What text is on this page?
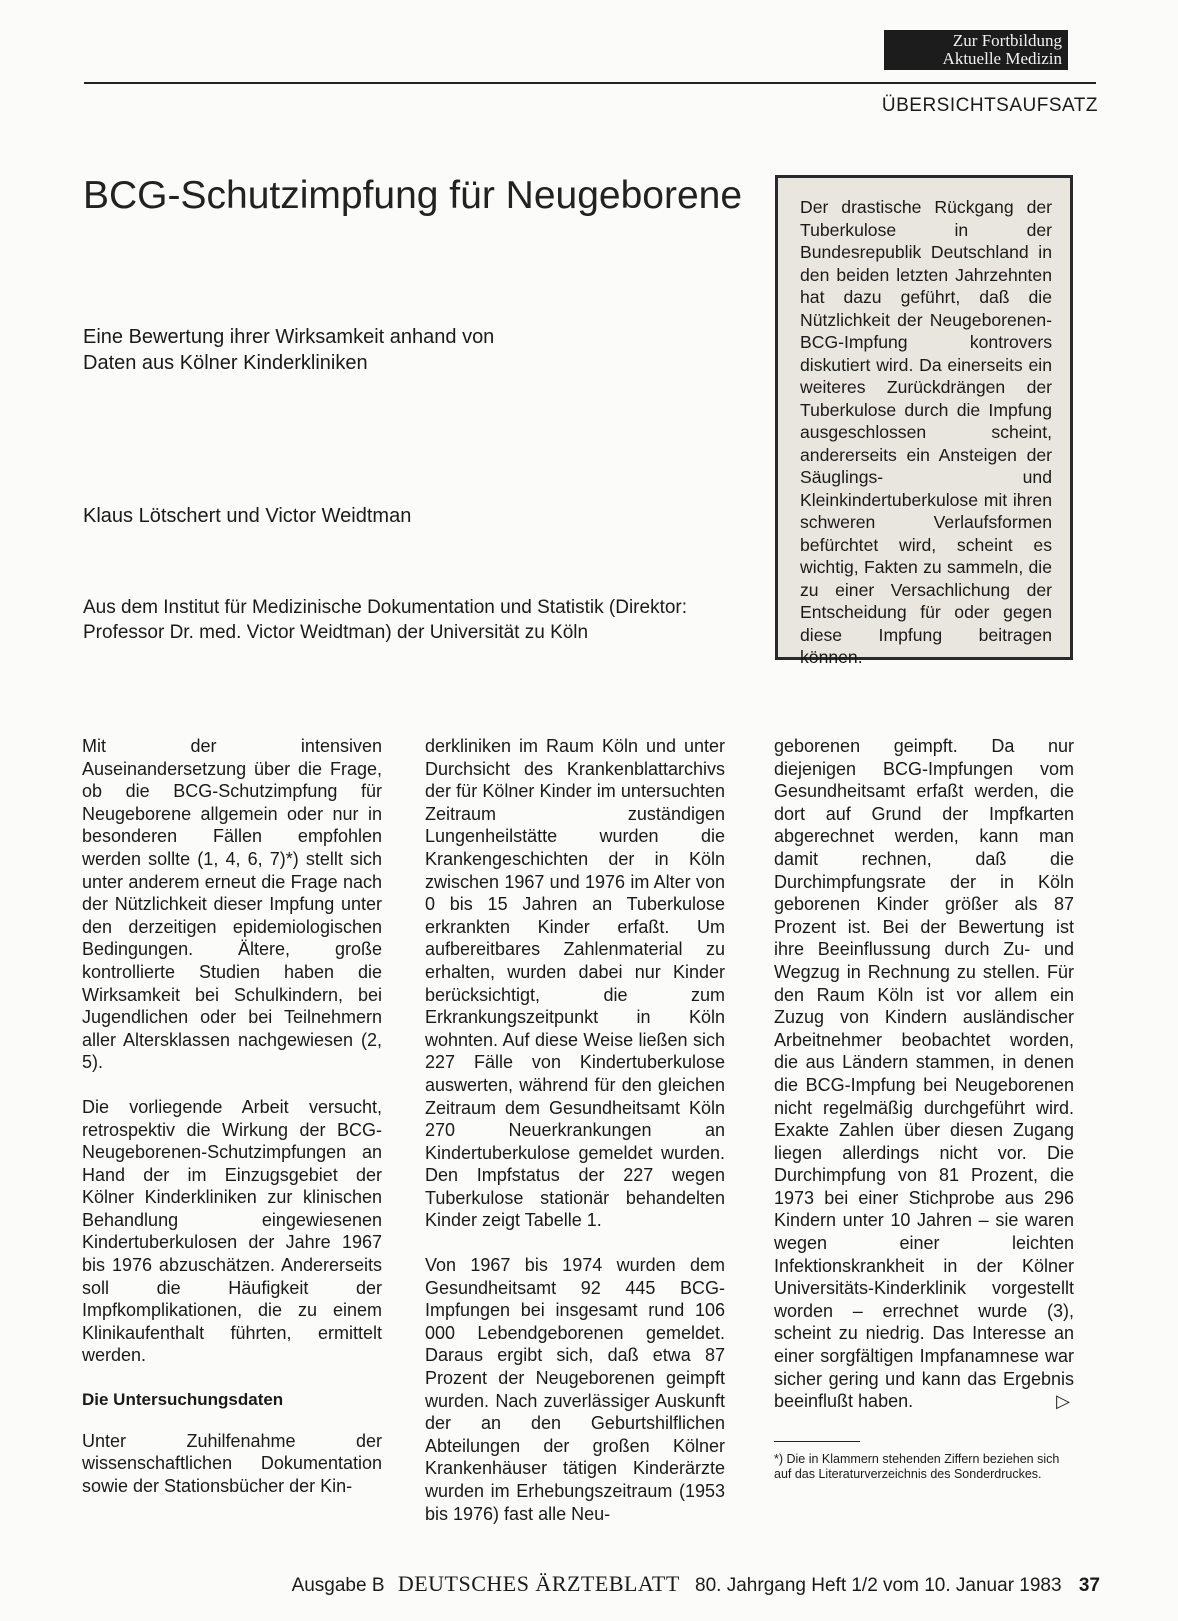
Zur Fortbildung
Aktuelle Medizin
ÜBERSICHTSAUFSATZ
BCG-Schutzimpfung für Neugeborene
Eine Bewertung ihrer Wirksamkeit anhand von Daten aus Kölner Kinderkliniken
Klaus Lötschert und Victor Weidtman
Aus dem Institut für Medizinische Dokumentation und Statistik (Direktor: Professor Dr. med. Victor Weidtman) der Universität zu Köln
Der drastische Rückgang der Tuberkulose in der Bundesrepublik Deutschland in den beiden letzten Jahrzehnten hat dazu geführt, daß die Nützlichkeit der Neugeborenen-BCG-Impfung kontrovers diskutiert wird. Da einerseits ein weiteres Zurückdrängen der Tuberkulose durch die Impfung ausgeschlossen scheint, andererseits ein Ansteigen der Säuglings- und Kleinkindertuberkulose mit ihren schweren Verlaufsformen befürchtet wird, scheint es wichtig, Fakten zu sammeln, die zu einer Versachlichung der Entscheidung für oder gegen diese Impfung beitragen können.

Mit der intensiven Auseinandersetzung über die Frage, ob die BCG-Schutzimpfung für Neugeborene allgemein oder nur in besonderen Fällen empfohlen werden sollte (1, 4, 6, 7)*) stellt sich unter anderem erneut die Frage nach der Nützlichkeit dieser Impfung unter den derzeitigen epidemiologischen Bedingungen. Ältere, große kontrollierte Studien haben die Wirksamkeit bei Schulkindern, bei Jugendlichen oder bei Teilnehmern aller Altersklassen nachgewiesen (2, 5).

Die vorliegende Arbeit versucht, retrospektiv die Wirkung der BCG-Neugeborenen-Schutzimpfungen an Hand der im Einzugsgebiet der Kölner Kinderkliniken zur klinischen Behandlung eingewiesenen Kindertuberkulosen der Jahre 1967 bis 1976 abzuschätzen. Andererseits soll die Häufigkeit der Impfkomplikationen, die zu einem Klinikaufenthalt führten, ermittelt werden.

Die Untersuchungsdaten

Unter Zuhilfenahme der wissenschaftlichen Dokumentation sowie der Stationsbücher der Kin-

derkliniken im Raum Köln und unter Durchsicht des Krankenblattarchivs der für Kölner Kinder im untersuchten Zeitraum zuständigen Lungenheilstätte wurden die Krankengeschichten der in Köln zwischen 1967 und 1976 im Alter von 0 bis 15 Jahren an Tuberkulose erkrankten Kinder erfaßt. Um aufbereitbares Zahlenmaterial zu erhalten, wurden dabei nur Kinder berücksichtigt, die zum Erkrankungszeitpunkt in Köln wohnten. Auf diese Weise ließen sich 227 Fälle von Kindertuberkulose auswerten, während für den gleichen Zeitraum dem Gesundheitsamt Köln 270 Neuerkrankungen an Kindertuberkulose gemeldet wurden. Den Impfstatus der 227 wegen Tuberkulose stationär behandelten Kinder zeigt Tabelle 1.

Von 1967 bis 1974 wurden dem Gesundheitsamt 92 445 BCG-Impfungen bei insgesamt rund 106 000 Lebendgeborenen gemeldet. Daraus ergibt sich, daß etwa 87 Prozent der Neugeborenen geimpft wurden. Nach zuverlässiger Auskunft der an den Geburtshilflichen Abteilungen der großen Kölner Krankenhäuser tätigen Kinderärzte wurden im Erhebungszeitraum (1953 bis 1976) fast alle Neu-

geborenen geimpft. Da nur diejenigen BCG-Impfungen vom Gesundheitsamt erfaßt werden, die dort auf Grund der Impfkarten abgerechnet werden, kann man damit rechnen, daß die Durchimpfungsrate der in Köln geborenen Kinder größer als 87 Prozent ist. Bei der Bewertung ist ihre Beeinflussung durch Zu- und Wegzug in Rechnung zu stellen. Für den Raum Köln ist vor allem ein Zuzug von Kindern ausländischer Arbeitnehmer beobachtet worden, die aus Ländern stammen, in denen die BCG-Impfung bei Neugeborenen nicht regelmäßig durchgeführt wird. Exakte Zahlen über diesen Zugang liegen allerdings nicht vor. Die Durchimpfung von 81 Prozent, die 1973 bei einer Stichprobe aus 296 Kindern unter 10 Jahren – sie waren wegen einer leichten Infektionskrankheit in der Kölner Universitäts-Kinderklinik vorgestellt worden – errechnet wurde (3), scheint zu niedrig. Das Interesse an einer sorgfältigen Impfanamnese war sicher gering und kann das Ergebnis beeinflußt haben.	▷

*) Die in Klammern stehenden Ziffern beziehen sich auf das Literaturverzeichnis des Sonderdruckes.
Ausgabe B DEUTSCHES ÄRZTEBLATT 80. Jahrgang Heft 1/2 vom 10. Januar 1983 37
